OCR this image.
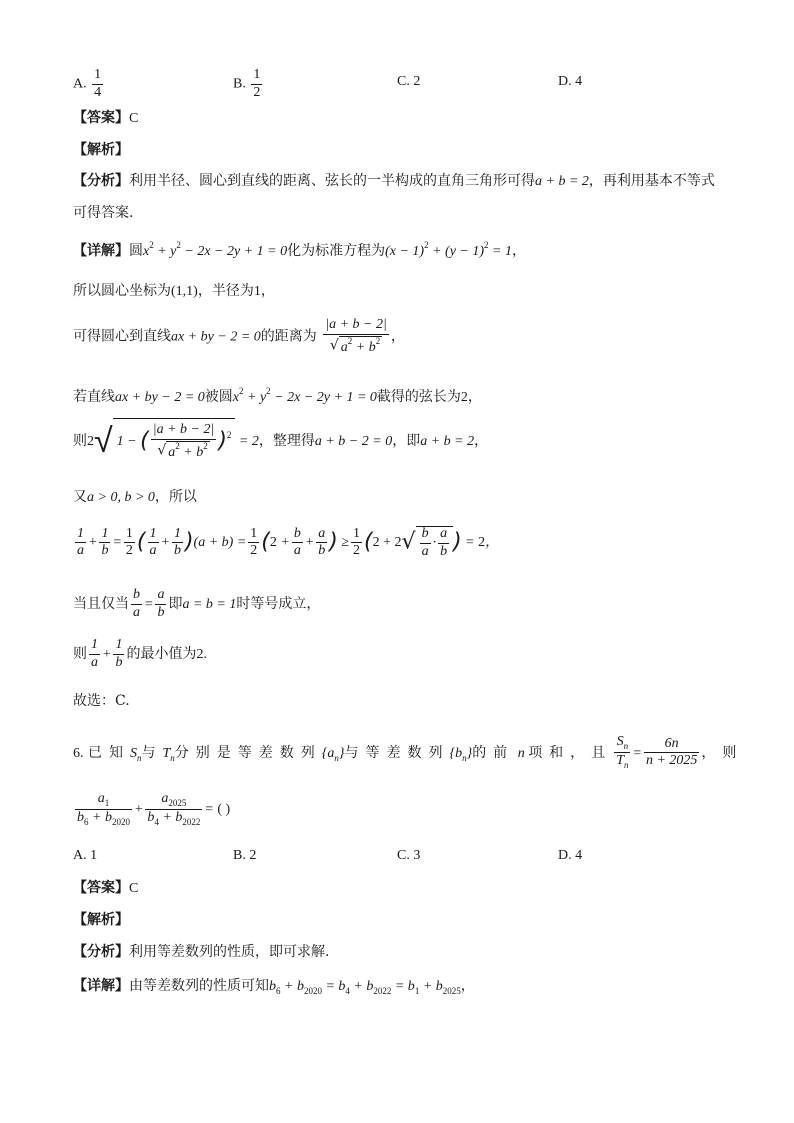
A. $\frac{1}{4}$	B. $\frac{1}{2}$	C. 2	D. 4
【答案】C
【解析】
【分析】利用半径、圆心到直线的距离、弦长的一半构成的直角三角形可得a + b = 2，再利用基本不等式
可得答案.
【详解】圆$x^2 + y^2 - 2x - 2y + 1 = 0$化为标准方程为$(x - 1)^2 + (y - 1)^2 = 1$，
所以圆心坐标为(1,1)，半径为1，
可得圆心到直线ax + by − 2 = 0的距离为 $\frac{|a + b - 2|}{√ a^2 + b^2}$ ，
若直线ax + by − 2 = 0被圆$x^2 + y^2 - 2x - 2y + 1 = 0$截得的弦长为2，
则2√ 1 − ( $\frac{|a + b - 2|}{√ a^2 + b^2} )^2 = 2$，整理得a + b − 2 = 0，即a + b = 2，
又a > 0, b > 0，所以
$\frac{1}{a} + \frac{1}{b} = \frac{1}{2}$ ( $\frac{1}{a} + \frac{1}{b} )(a + b) = \frac{1}{2} (2 + \frac{b}{a} + \frac{a}{b}$ ) ≥ $\frac{1}{2} (2 + 2√ \frac{b}{a} \cdot \frac{a}{b}$ ) = 2，
当且仅当 $\frac{b}{a} = \frac{a}{b}$ 即a = b = 1时等号成立，
则 $\frac{1}{a} + \frac{1}{b}$ 的最小值为2.
故选：C.
6. 已知$S_n$与$T_n$分别是等差数列$\{a_n\}$与等差数列$\{b_n\}$的前 n 项和，且 $\frac{S_n}{T_n} = \frac{6n}{n + 2025}$ ，则
$\frac{a_1}{b_6 + b_{2020}} + \frac{a_{2025}}{b_4 + b_{2022}}$ = ( )
A. 1	B. 2	C. 3	D. 4
【答案】C
【解析】
【分析】利用等差数列的性质，即可求解.
【详解】由等差数列的性质可知$b_6 + b_{2020} = b_4 + b_{2022} = b_1 + b_{2025}$，
